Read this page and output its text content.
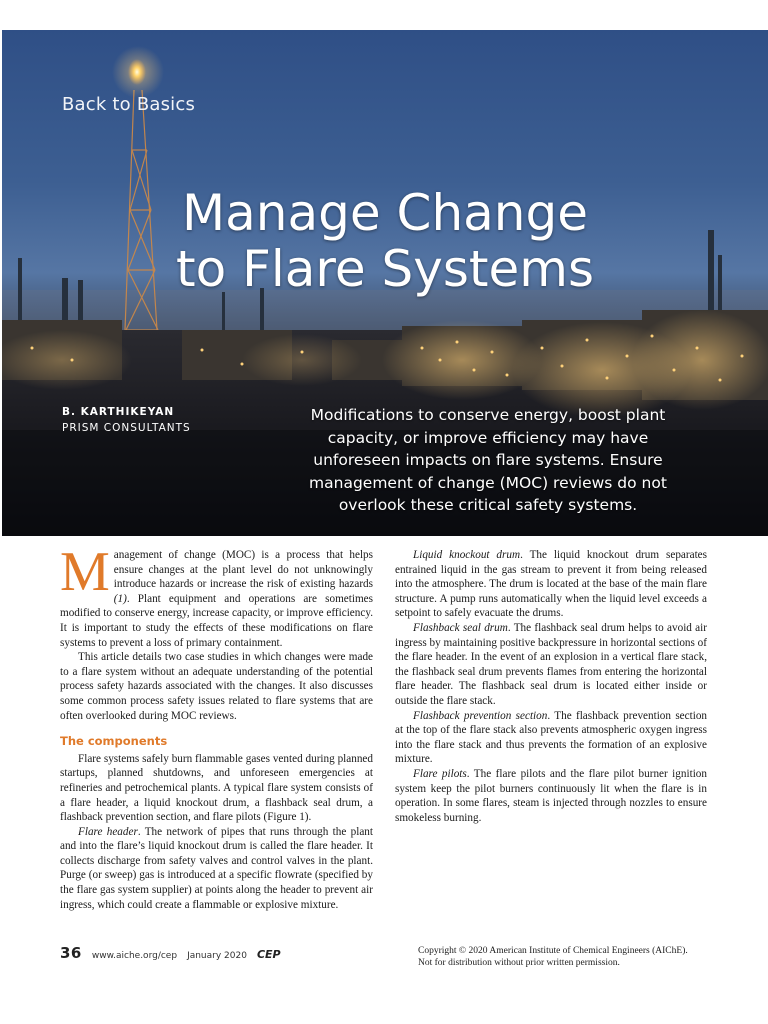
Back to Basics
Manage Change
to Flare Systems
B. KARTHIKEYAN
PRISM CONSULTANTS
Modifications to conserve energy, boost plant capacity, or improve efficiency may have unforeseen impacts on flare systems. Ensure management of change (MOC) reviews do not overlook these critical safety systems.

Management of change (MOC) is a process that helps ensure changes at the plant level do not unknowingly introduce hazards or increase the risk of existing hazards (1). Plant equipment and operations are sometimes modified to conserve energy, increase capacity, or improve efficiency. It is important to study the effects of these modifications on flare systems to prevent a loss of primary containment.

This article details two case studies in which changes were made to a flare system without an adequate understanding of the potential process safety hazards associated with the changes. It also discusses some common process safety issues related to flare systems that are often overlooked during MOC reviews.

The components

Flare systems safely burn flammable gases vented during planned startups, planned shutdowns, and unforeseen emergencies at refineries and petrochemical plants. A typical flare system consists of a flare header, a liquid knockout drum, a flashback seal drum, a flashback prevention section, and flare pilots (Figure 1).

Flare header. The network of pipes that runs through the plant and into the flare’s liquid knockout drum is called the flare header. It collects discharge from safety valves and control valves in the plant. Purge (or sweep) gas is introduced at a specific flowrate (specified by the flare gas system supplier) at points along the header to prevent air ingress, which could create a flammable or explosive mixture.

Liquid knockout drum. The liquid knockout drum separates entrained liquid in the gas stream to prevent it from being released into the atmosphere. The drum is located at the base of the main flare structure. A pump runs automatically when the liquid level exceeds a setpoint to safely evacuate the drums.

Flashback seal drum. The flashback seal drum helps to avoid air ingress by maintaining positive backpressure in horizontal sections of the flare header. In the event of an explosion in a vertical flare stack, the flashback seal drum prevents flames from entering the horizontal flare header. The flashback seal drum is located either inside or outside the flare stack.

Flashback prevention section. The flashback prevention section at the top of the flare stack also prevents atmospheric oxygen ingress into the flare stack and thus prevents the formation of an explosive mixture.

Flare pilots. The flare pilots and the flare pilot burner ignition system keep the pilot burners continuously lit when the flare is in operation. In some flares, steam is injected through nozzles to ensure smokeless burning.

36 www.aiche.org/cep January 2020 CEP	Copyright © 2020 American Institute of Chemical Engineers (AIChE).
Not for distribution without prior written permission.
